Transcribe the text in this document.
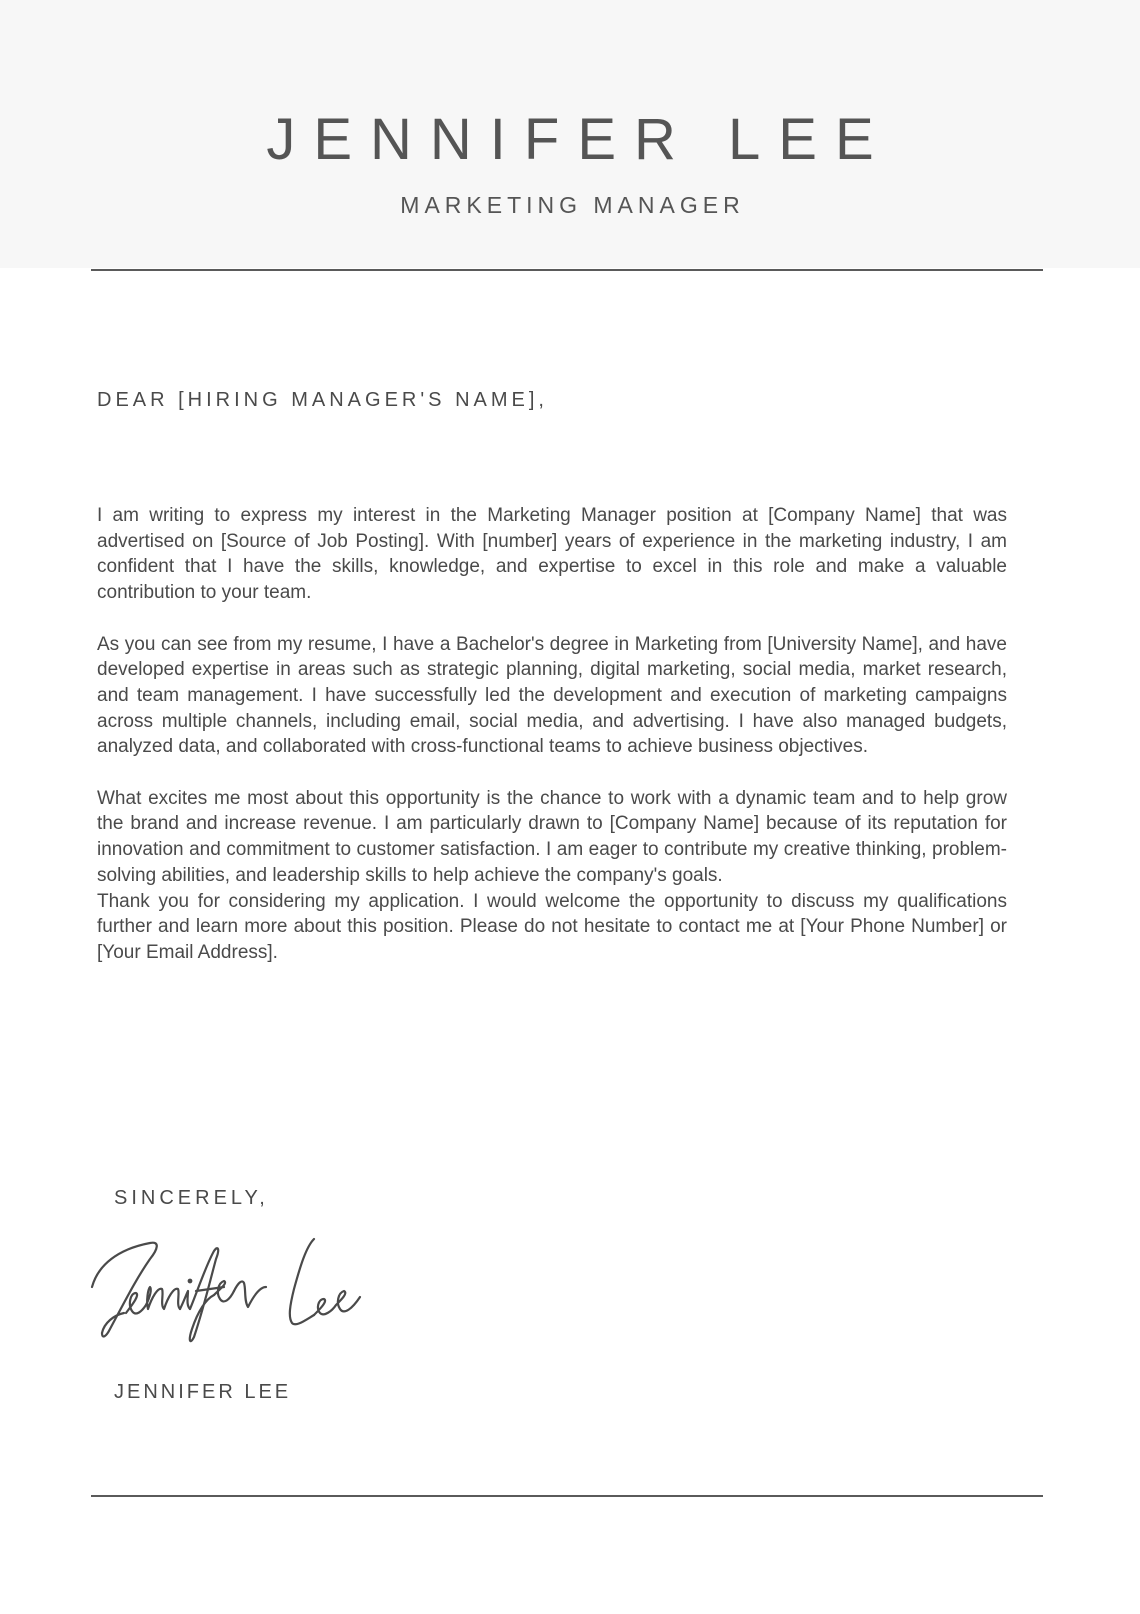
JENNIFER LEE
MARKETING MANAGER
DEAR [HIRING MANAGER'S NAME],

I am writing to express my interest in the Marketing Manager position at [Company Name] that was advertised on [Source of Job Posting]. With [number] years of experience in the marketing industry, I am confident that I have the skills, knowledge, and expertise to excel in this role and make a valuable contribution to your team.

As you can see from my resume, I have a Bachelor's degree in Marketing from [University Name], and have developed expertise in areas such as strategic planning, digital marketing, social media, market research, and team management. I have successfully led the development and execution of marketing campaigns across multiple channels, including email, social media, and advertising. I have also managed budgets, analyzed data, and collaborated with cross-functional teams to achieve business objectives.

What excites me most about this opportunity is the chance to work with a dynamic team and to help grow the brand and increase revenue. I am particularly drawn to [Company Name] because of its reputation for innovation and commitment to customer satisfaction. I am eager to contribute my creative thinking, problem-solving abilities, and leadership skills to help achieve the company's goals.

Thank you for considering my application. I would welcome the opportunity to discuss my qualifications further and learn more about this position. Please do not hesitate to contact me at [Your Phone Number] or [Your Email Address].

SINCERELY,
JENNIFER LEE
